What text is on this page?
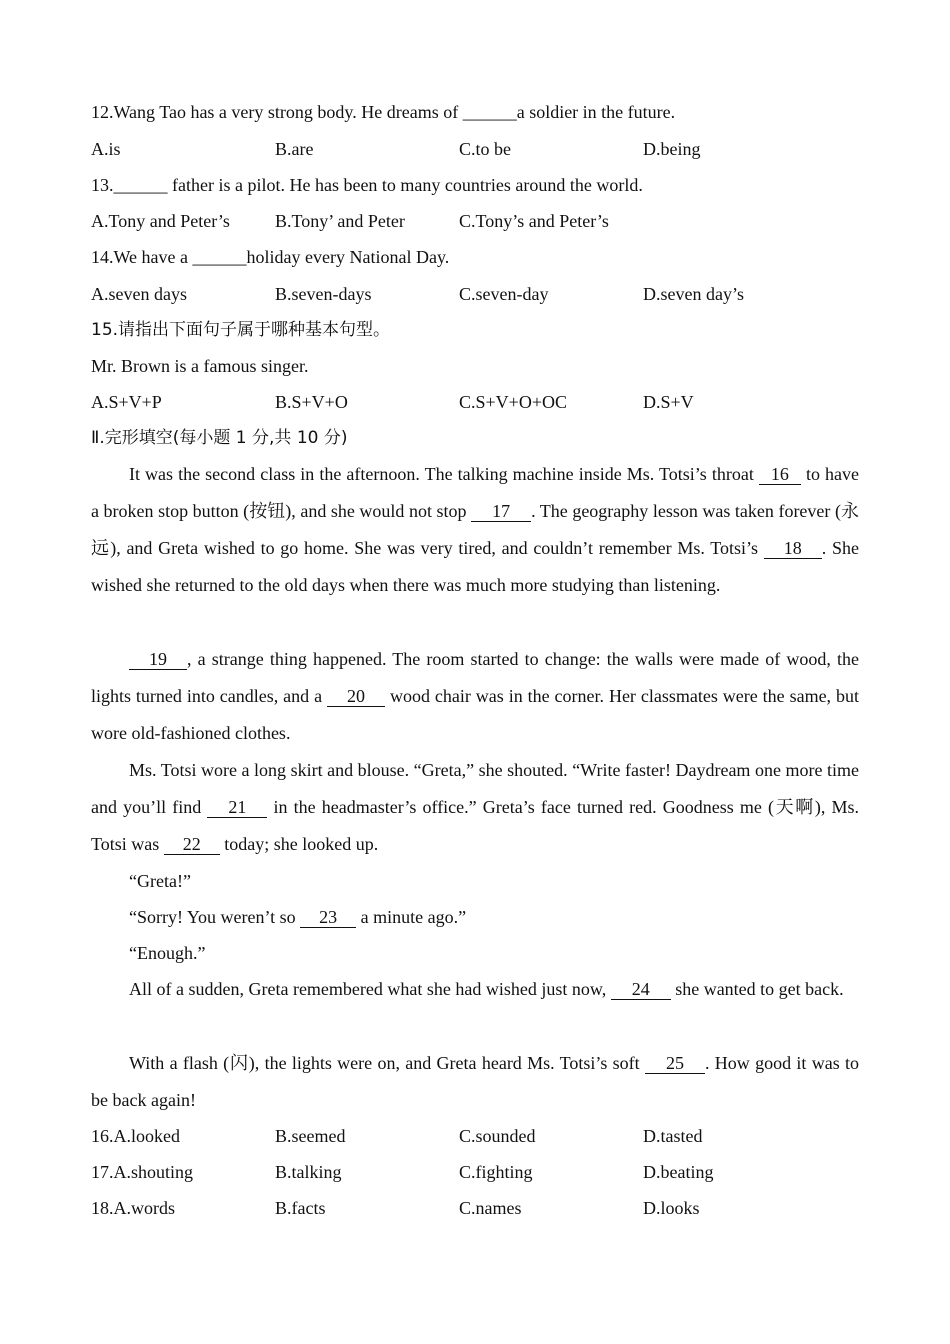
12.Wang Tao has a very strong body. He dreams of ______a soldier in the future.
A.is	B.are	C.to be	D.being
13.______ father is a pilot. He has been to many countries around the world.
A.Tony and Peter’s	B.Tony’ and Peter	C.Tony’s and Peter’s
14.We have a ______holiday every National Day.
A.seven days	B.seven-days	C.seven-day	D.seven day’s
15.请指出下面句子属于哪种基本句型。
Mr. Brown is a famous singer.
A.S+V+P	B.S+V+O	C.S+V+O+OC	D.S+V
Ⅱ.完形填空(每小题 1 分,共 10 分)
It was the second class in the afternoon. The talking machine inside Ms. Totsi’s throat 16 to have a broken stop button (按钮), and she would not stop 17 . The geography lesson was taken forever (永远), and Greta wished to go home. She was very tired, and couldn’t remember Ms. Totsi’s 18 . She wished she returned to the old days when there was much more studying than listening.
19 , a strange thing happened. The room started to change: the walls were made of wood, the lights turned into candles, and a 20 wood chair was in the corner. Her classmates were the same, but wore old-fashioned clothes.
Ms. Totsi wore a long skirt and blouse. “Greta,” she shouted. “Write faster! Daydream one more time and you’ll find 21 in the headmaster’s office.” Greta’s face turned red. Goodness me (天啊), Ms. Totsi was 22 today; she looked up.
“Greta!”
“Sorry! You weren’t so 23 a minute ago.”
“Enough.”
All of a sudden, Greta remembered what she had wished just now, 24 she wanted to get back.
With a flash (闪), the lights were on, and Greta heard Ms. Totsi’s soft 25 . How good it was to be back again!
16.A.looked	B.seemed	C.sounded	D.tasted
17.A.shouting	B.talking	C.fighting	D.beating
18.A.words	B.facts	C.names	D.looks
